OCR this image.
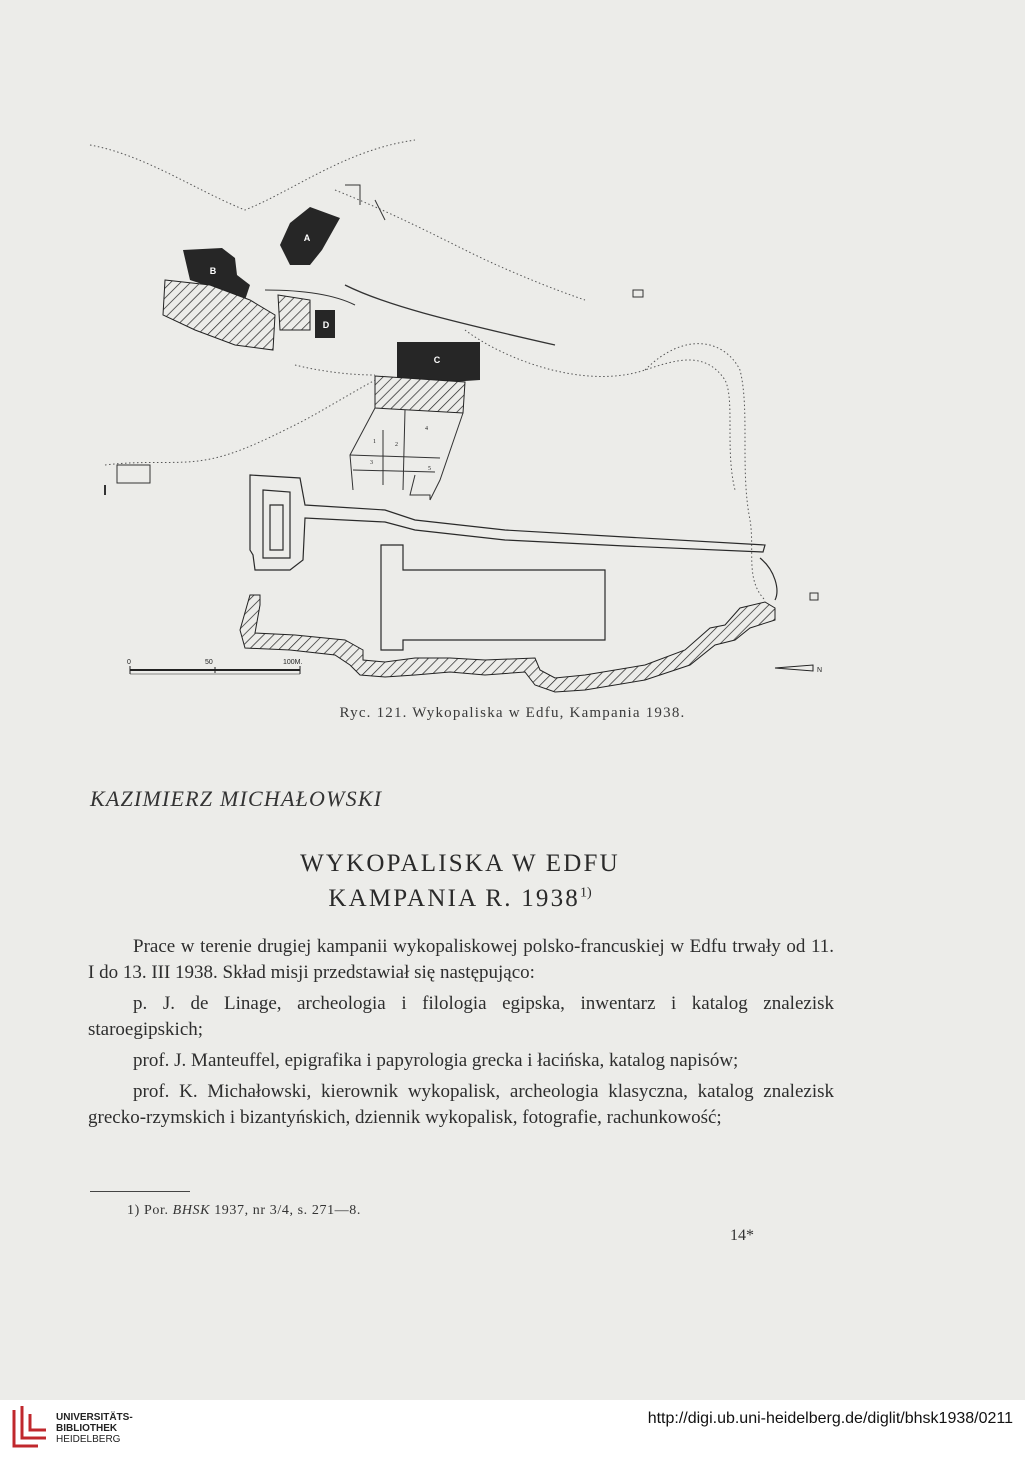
A
B
C
D
1	2
3
4
5
0	50	100M.
N
Ryc. 121. Wykopaliska w Edfu, Kampania 1938.
KAZIMIERZ MICHAŁOWSKI
WYKOPALISKA W EDFU
KAMPANIA R. 1938$^{1)}$

Prace w terenie drugiej kampanii wykopaliskowej polsko-francuskiej w Edfu trwały od 11. I do 13. III 1938. Skład misji przedstawiał się następująco:

p. J. de Linage, archeologia i filologia egipska, inwentarz i katalog znalezisk staroegipskich;

prof. J. Manteuffel, epigrafika i papyrologia grecka i łacińska, katalog napisów;

prof. K. Michałowski, kierownik wykopalisk, archeologia klasyczna, katalog znalezisk grecko-rzymskich i bizantyńskich, dziennik wykopalisk, fotografie, rachunkowość;

1) Por. BHSK 1937, nr 3/4, s. 271—8.
14*
UNIVERSITÄTS-
BIBLIOTHEK
HEIDELBERG
http://digi.ub.uni-heidelberg.de/diglit/bhsk1938/0211
